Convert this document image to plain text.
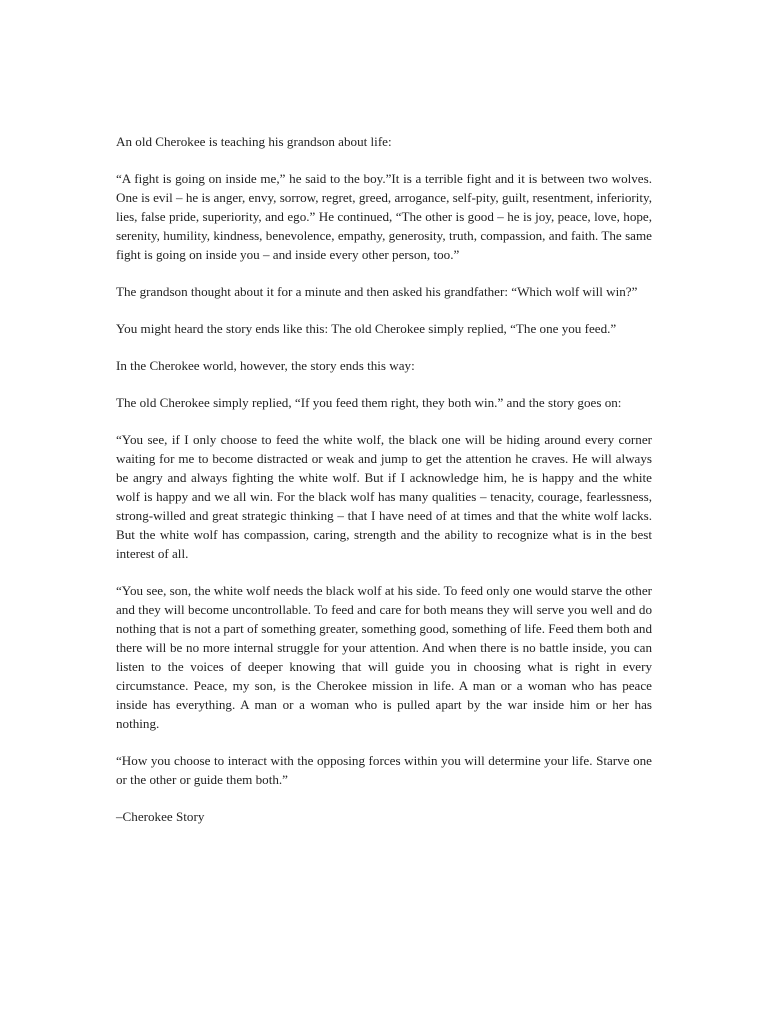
An old Cherokee is teaching his grandson about life:

“A fight is going on inside me,” he said to the boy.”It is a terrible fight and it is between two wolves. One is evil – he is anger, envy, sorrow, regret, greed, arrogance, self-pity, guilt, resentment, inferiority, lies, false pride, superiority, and ego.” He continued, “The other is good – he is joy, peace, love, hope, serenity, humility, kindness, benevolence, empathy, generosity, truth, compassion, and faith. The same fight is going on inside you – and inside every other person, too.”

The grandson thought about it for a minute and then asked his grandfather: “Which wolf will win?”

You might heard the story ends like this: The old Cherokee simply replied, “The one you feed.”

In the Cherokee world, however, the story ends this way:

The old Cherokee simply replied, “If you feed them right, they both win.” and the story goes on:

“You see, if I only choose to feed the white wolf, the black one will be hiding around every corner waiting for me to become distracted or weak and jump to get the attention he craves. He will always be angry and always fighting the white wolf. But if I acknowledge him, he is happy and the white wolf is happy and we all win. For the black wolf has many qualities – tenacity, courage, fearlessness, strong-willed and great strategic thinking – that I have need of at times and that the white wolf lacks. But the white wolf has compassion, caring, strength and the ability to recognize what is in the best interest of all.

“You see, son, the white wolf needs the black wolf at his side. To feed only one would starve the other and they will become uncontrollable. To feed and care for both means they will serve you well and do nothing that is not a part of something greater, something good, something of life. Feed them both and there will be no more internal struggle for your attention. And when there is no battle inside, you can listen to the voices of deeper knowing that will guide you in choosing what is right in every circumstance. Peace, my son, is the Cherokee mission in life. A man or a woman who has peace inside has everything. A man or a woman who is pulled apart by the war inside him or her has nothing.

“How you choose to interact with the opposing forces within you will determine your life. Starve one or the other or guide them both.”

–Cherokee Story
